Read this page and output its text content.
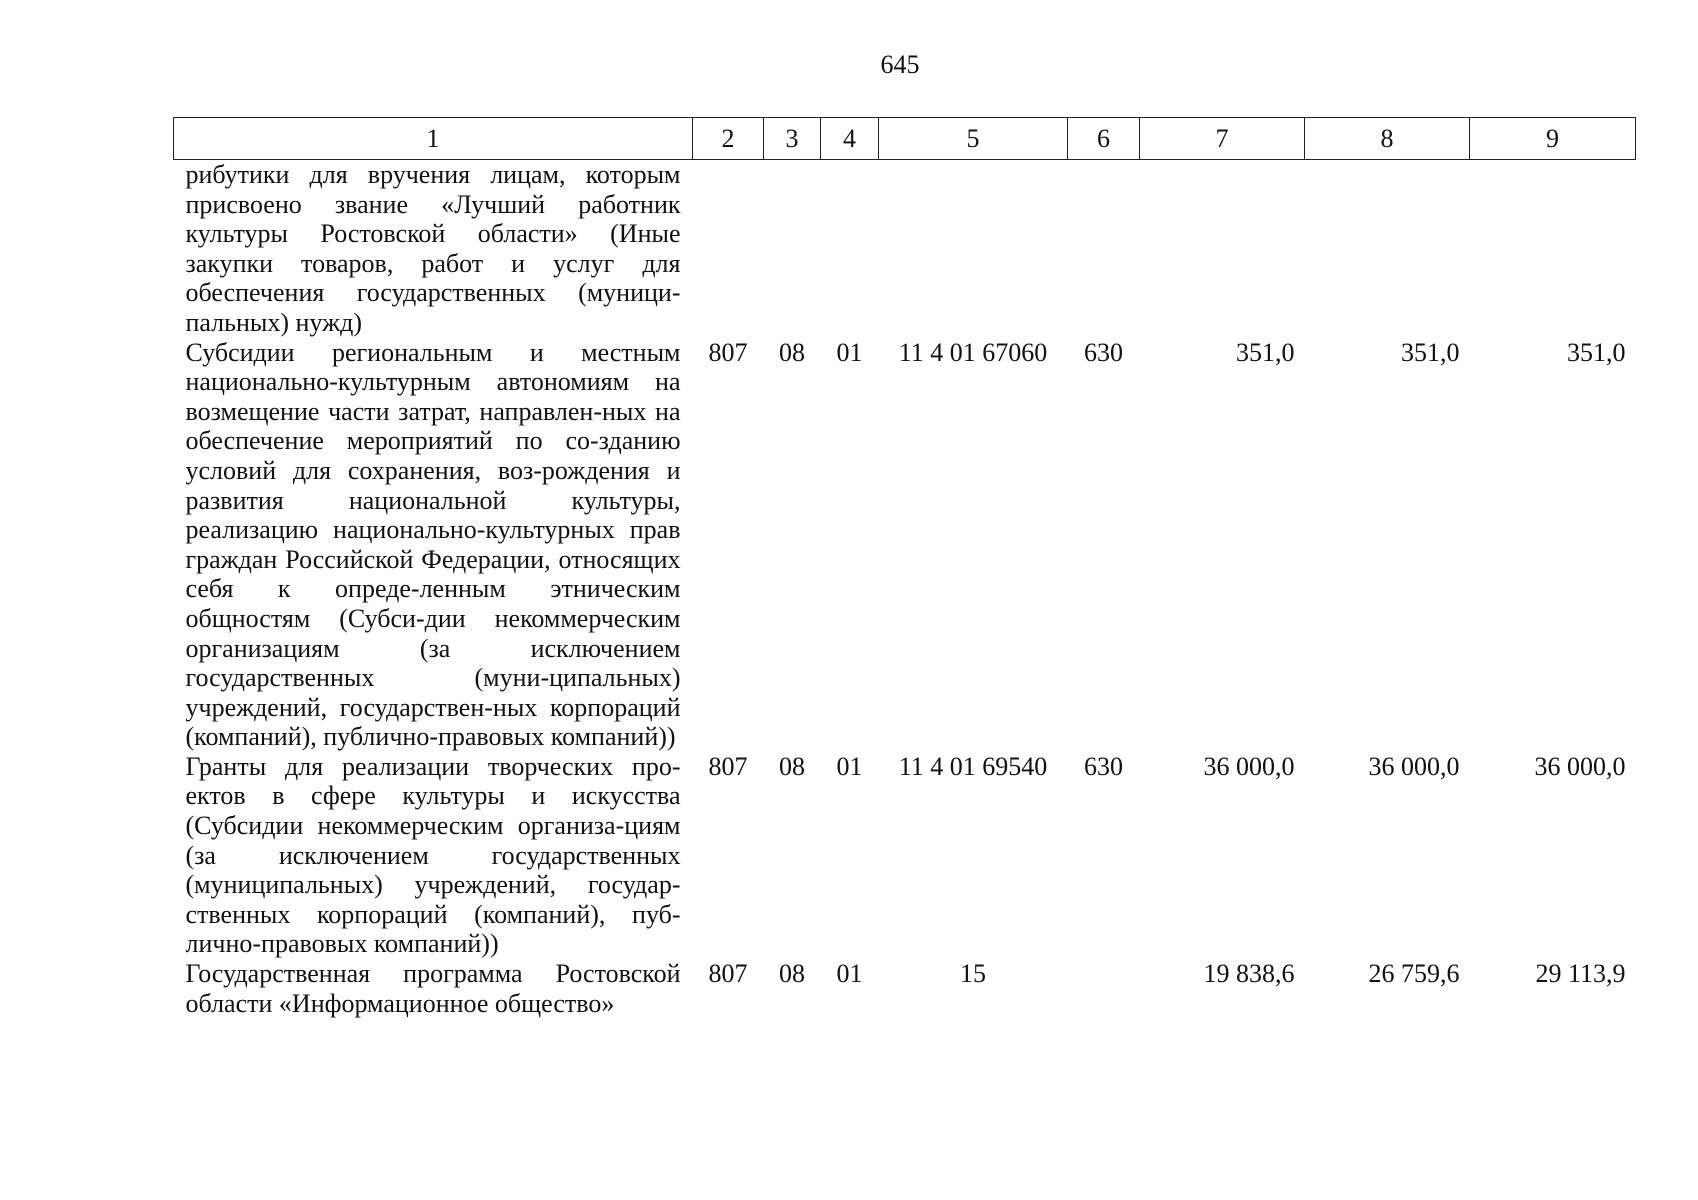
645
1	2	3	4	5	6	7	8	9
рибутики для вручения лицам, которым присвоено звание «Лучший работник культуры Ростовской области» (Иные закупки товаров, работ и услуг для обеспечения государственных (муници-пальных) нужд)								
Субсидии региональным и местным национально-культурным автономиям на возмещение части затрат, направлен-ных на обеспечение мероприятий по со-зданию условий для сохранения, воз-рождения и развития национальной культуры, реализацию национально-культурных прав граждан Российской Федерации, относящих себя к опреде-ленным этническим общностям (Субси-дии некоммерческим организациям (за исключением государственных (муни-ципальных) учреждений, государствен-ных корпораций (компаний), публично-правовых компаний))	807	08	01	11 4 01 67060	630	351,0	351,0	351,0
Гранты для реализации творческих про-ектов в сфере культуры и искусства (Субсидии некоммерческим организа-циям (за исключением государственных (муниципальных) учреждений, государ-ственных корпораций (компаний), пуб-лично-правовых компаний))	807	08	01	11 4 01 69540	630	36 000,0	36 000,0	36 000,0
Государственная программа Ростовской области «Информационное общество»	807	08	01	15		19 838,6	26 759,6	29 113,9
